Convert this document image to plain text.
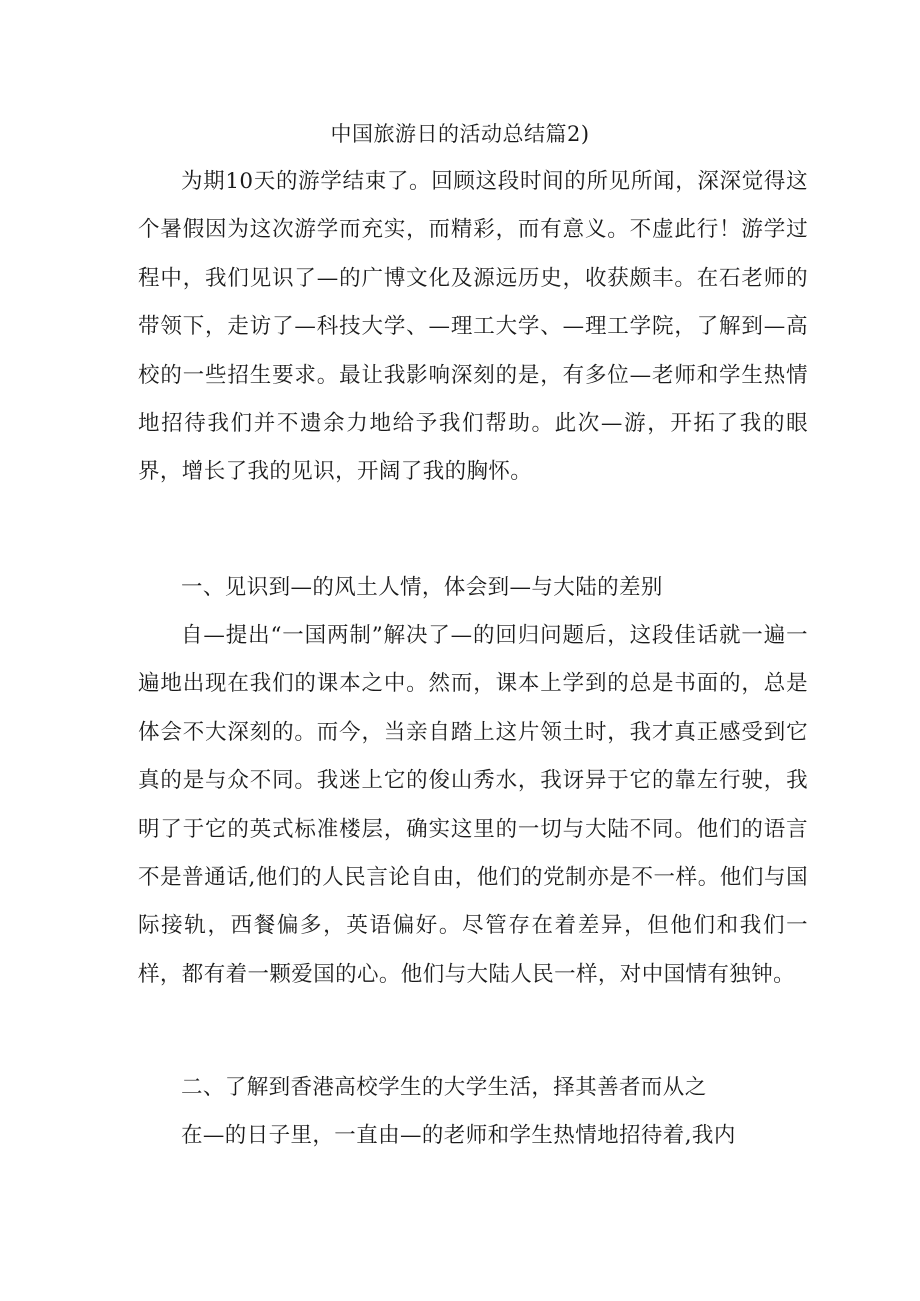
中国旅游日的活动总结篇2)

为期10天的游学结束了。回顾这段时间的所见所闻，深深觉得这个暑假因为这次游学而充实，而精彩，而有意义。不虚此行！游学过程中，我们见识了—的广博文化及源远历史，收获颇丰。在石老师的带领下，走访了—科技大学、—理工大学、—理工学院，了解到—高校的一些招生要求。最让我影响深刻的是，有多位—老师和学生热情地招待我们并不遗余力地给予我们帮助。此次—游，开拓了我的眼界，增长了我的见识，开阔了我的胸怀。

一、见识到—的风土人情，体会到—与大陆的差别

自—提出“一国两制”解决了—的回归问题后，这段佳话就一遍一遍地出现在我们的课本之中。然而，课本上学到的总是书面的，总是体会不大深刻的。而今，当亲自踏上这片领土时，我才真正感受到它真的是与众不同。我迷上它的俊山秀水，我讶异于它的靠左行驶，我明了于它的英式标准楼层，确实这里的一切与大陆不同。他们的语言不是普通话,他们的人民言论自由，他们的党制亦是不一样。他们与国际接轨，西餐偏多，英语偏好。尽管存在着差异，但他们和我们一样，都有着一颗爱国的心。他们与大陆人民一样，对中国情有独钟。

二、了解到香港高校学生的大学生活，择其善者而从之

在—的日子里，一直由—的老师和学生热情地招待着,我内
